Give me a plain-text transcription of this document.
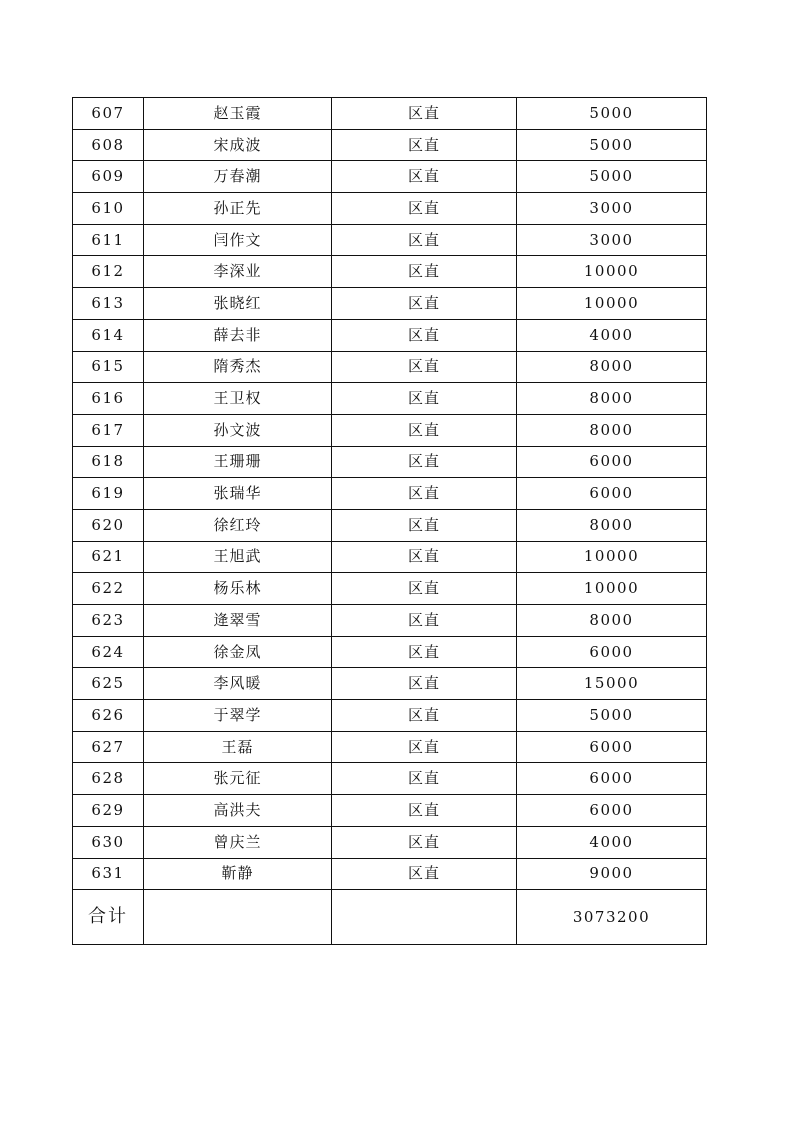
607	赵玉霞	区直	5000
608	宋成波	区直	5000
609	万春潮	区直	5000
610	孙正先	区直	3000
611	闫作文	区直	3000
612	李深业	区直	10000
613	张晓红	区直	10000
614	薛去非	区直	4000
615	隋秀杰	区直	8000
616	王卫权	区直	8000
617	孙文波	区直	8000
618	王珊珊	区直	6000
619	张瑞华	区直	6000
620	徐红玲	区直	8000
621	王旭武	区直	10000
622	杨乐林	区直	10000
623	逄翠雪	区直	8000
624	徐金凤	区直	6000
625	李风暖	区直	15000
626	于翠学	区直	5000
627	王磊	区直	6000
628	张元征	区直	6000
629	高洪夫	区直	6000
630	曾庆兰	区直	4000
631	靳静	区直	9000
合计			3073200
